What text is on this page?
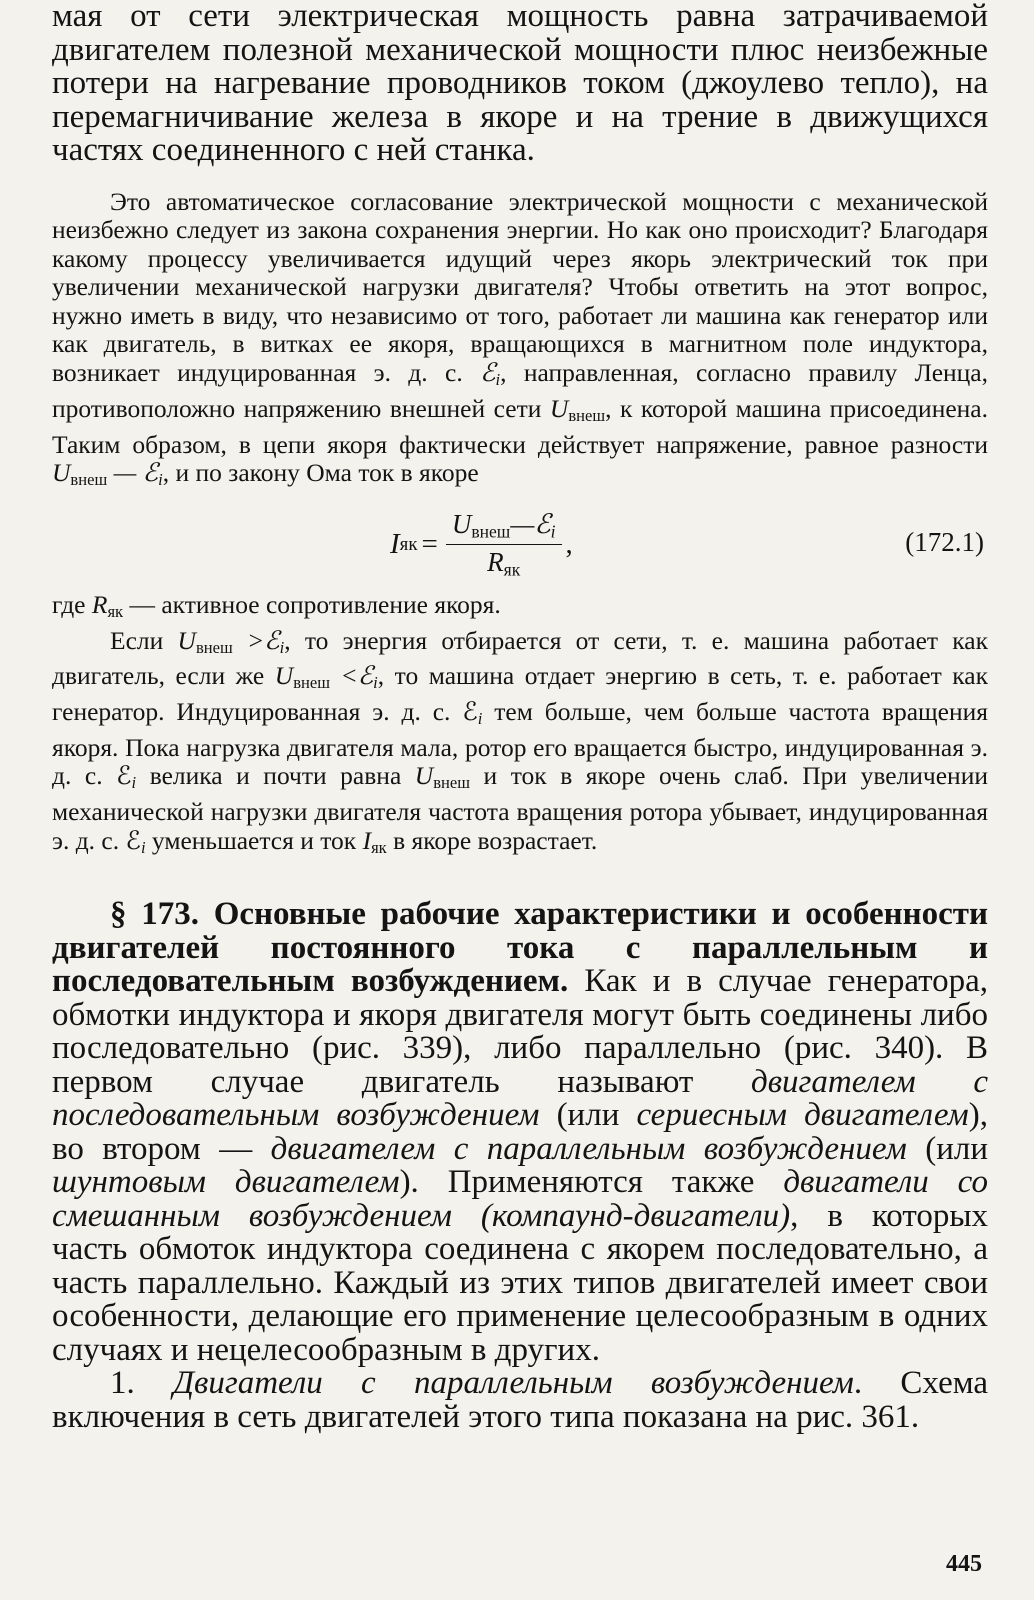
мая от сети электрическая мощность равна затрачиваемой двигателем полезной механической мощности плюс неизбежные потери на нагревание проводников током (джоулево тепло), на перемагничивание железа в якоре и на трение в движущихся частях соединенного с ней станка.

Это автоматическое согласование электрической мощности с механической неизбежно следует из закона сохранения энергии. Но как оно происходит? Благодаря какому процессу увеличивается идущий через якорь электрический ток при увеличении механической нагрузки двигателя? Чтобы ответить на этот вопрос, нужно иметь в виду, что независимо от того, работает ли машина как генератор или как двигатель, в витках ее якоря, вращающихся в магнитном поле индуктора, возникает индуцированная э. д. с. ℰ$_i$, направленная, согласно правилу Ленца, противоположно напряжению внешней сети $U_{внеш}$, к которой машина присоединена. Таким образом, в цепи якоря фактически действует напряжение, равное разности $U_{внеш}$ — ℰ$_i$, и по закону Ома ток в якоре

I як = $\frac{U_{внеш}—ℰ_i}{R_{як}}$ ,	(172.1)

где $R_{як}$ — активное сопротивление якоря.

Если $U_{внеш}$ >ℰ$_i$, то энергия отбирается от сети, т. е. машина работает как двигатель, если же $U_{внеш}$ <ℰ$_i$, то машина отдает энергию в сеть, т. е. работает как генератор. Индуцированная э. д. с. ℰ$_i$ тем больше, чем больше частота вращения якоря. Пока нагрузка двигателя мала, ротор его вращается быстро, индуцированная э. д. с. ℰ$_i$ велика и почти равна $U_{внеш}$ и ток в якоре очень слаб. При увеличении механической нагрузки двигателя частота вращения ротора убывает, индуцированная э. д. с. ℰ$_i$ уменьшается и ток $I_{як}$ в якоре возрастает.

§ 173. Основные рабочие характеристики и особенности двигателей постоянного тока с параллельным и последовательным возбуждением. Как и в случае генератора, обмотки индуктора и якоря двигателя могут быть соединены либо последовательно (рис. 339), либо параллельно (рис. 340). В первом случае двигатель называют двигателем с последовательным возбуждением (или сериесным двигателем), во втором — двигателем с параллельным возбуждением (или шунтовым двигателем). Применяются также двигатели со смешанным возбуждением (компаунд-двигатели), в которых часть обмоток индуктора соединена с якорем последовательно, а часть параллельно. Каждый из этих типов двигателей имеет свои особенности, делающие его применение целесообразным в одних случаях и нецелесообразным в других.

1. Двигатели с параллельным возбуждением. Схема включения в сеть двигателей этого типа показана на рис. 361.

445
